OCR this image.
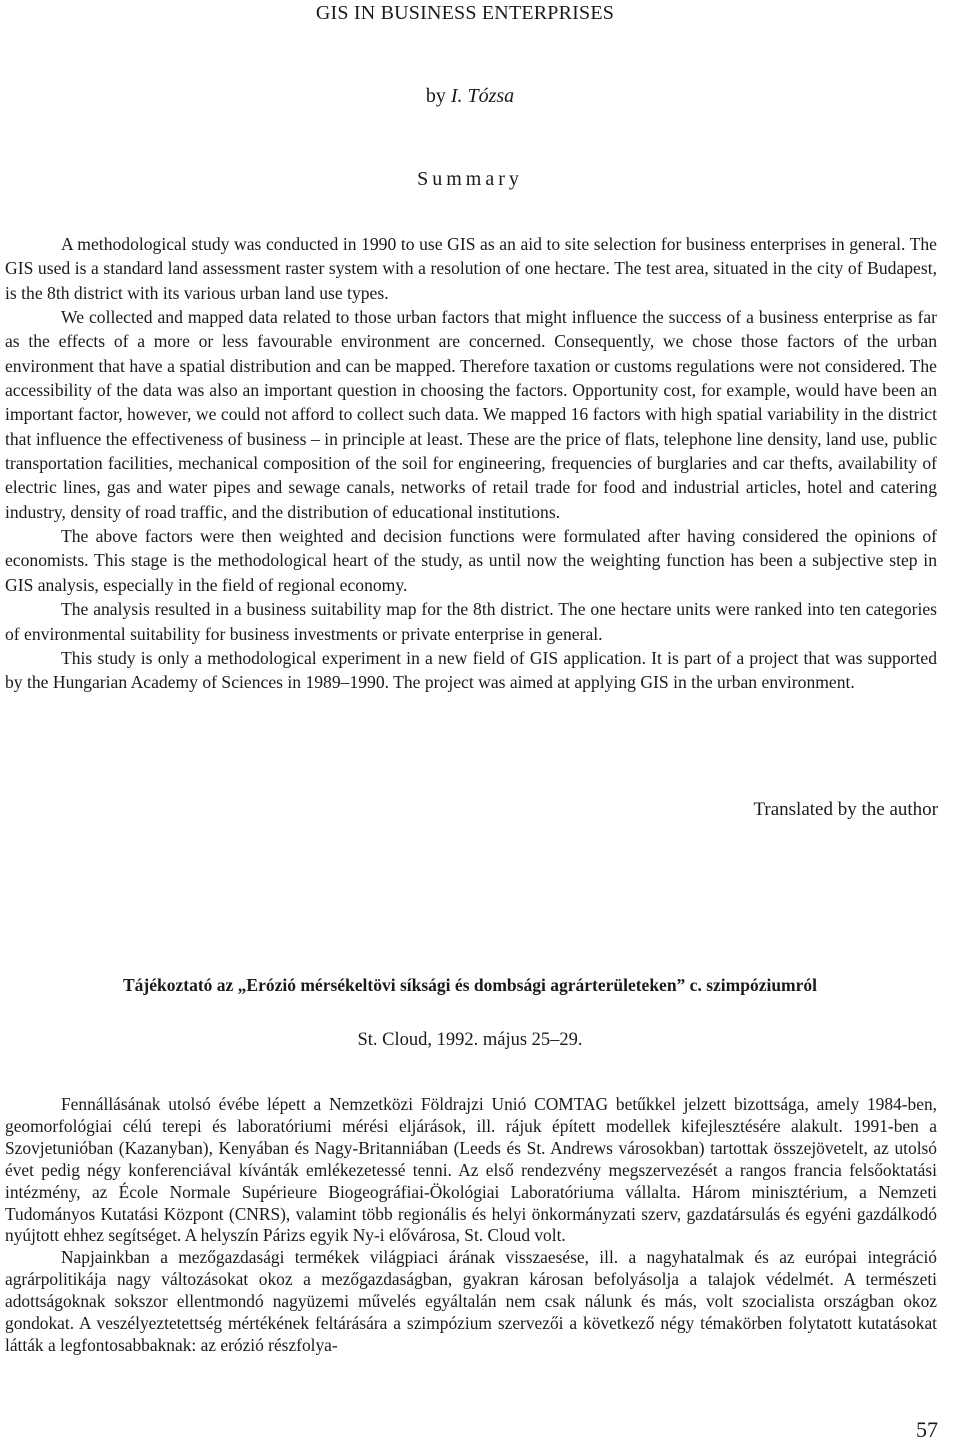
GIS IN BUSINESS ENTERPRISES
by I. Tózsa
Summary

A methodological study was conducted in 1990 to use GIS as an aid to site selection for business enterprises in general. The GIS used is a standard land assessment raster system with a resolution of one hectare. The test area, situated in the city of Budapest, is the 8th district with its various urban land use types.

We collected and mapped data related to those urban factors that might influence the success of a business enterprise as far as the effects of a more or less favourable environment are concerned. Consequently, we chose those factors of the urban environment that have a spatial distribution and can be mapped. Therefore taxation or customs regulations were not considered. The accessibility of the data was also an important question in choosing the factors. Opportunity cost, for example, would have been an important factor, however, we could not afford to collect such data. We mapped 16 factors with high spatial variability in the district that influence the effectiveness of business – in principle at least. These are the price of flats, telephone line density, land use, public transportation facilities, mechanical composition of the soil for engineering, frequencies of burglaries and car thefts, availability of electric lines, gas and water pipes and sewage canals, networks of retail trade for food and industrial articles, hotel and catering industry, density of road traffic, and the distribution of educational institutions.

The above factors were then weighted and decision functions were formulated after having considered the opinions of economists. This stage is the methodological heart of the study, as until now the weighting function has been a subjective step in GIS analysis, especially in the field of regional economy.

The analysis resulted in a business suitability map for the 8th district. The one hectare units were ranked into ten categories of environmental suitability for business investments or private enterprise in general.

This study is only a methodological experiment in a new field of GIS application. It is part of a project that was supported by the Hungarian Academy of Sciences in 1989–1990. The project was aimed at applying GIS in the urban environment.

Translated by the author
Tájékoztató az „Erózió mérsékeltövi síksági és dombsági agrárterületeken” c. szimpóziumról
St. Cloud, 1992. május 25–29.

Fennállásának utolsó évébe lépett a Nemzetközi Földrajzi Unió COMTAG betűkkel jelzett bizottsága, amely 1984-ben, geomorfológiai célú terepi és laboratóriumi mérési eljárások, ill. rájuk épített modellek kifejlesztésére alakult. 1991-ben a Szovjetunióban (Kazanyban), Kenyában és Nagy-Britanniában (Leeds és St. Andrews városokban) tartottak összejövetelt, az utolsó évet pedig négy konferenciával kívánták emlékezetessé tenni. Az első rendezvény megszervezését a rangos francia felsőoktatási intézmény, az École Normale Supérieure Biogeográfiai-Ökológiai Laboratóriuma vállalta. Három minisztérium, a Nemzeti Tudományos Kutatási Központ (CNRS), valamint több regionális és helyi önkormányzati szerv, gazdatársulás és egyéni gazdálkodó nyújtott ehhez segítséget. A helyszín Párizs egyik Ny-i elővárosa, St. Cloud volt.

Napjainkban a mezőgazdasági termékek világpiaci árának visszaesése, ill. a nagyhatalmak és az európai integráció agrárpolitikája nagy változásokat okoz a mezőgazdaságban, gyakran károsan befolyásolja a talajok védelmét. A természeti adottságoknak sokszor ellentmondó nagyüzemi művelés egyáltalán nem csak nálunk és más, volt szocialista országban okoz gondokat. A veszélyeztetettség mértékének feltárására a szimpózium szervezői a következő négy témakörben folytatott kutatásokat látták a legfontosabbaknak: az erózió részfolya-

57
